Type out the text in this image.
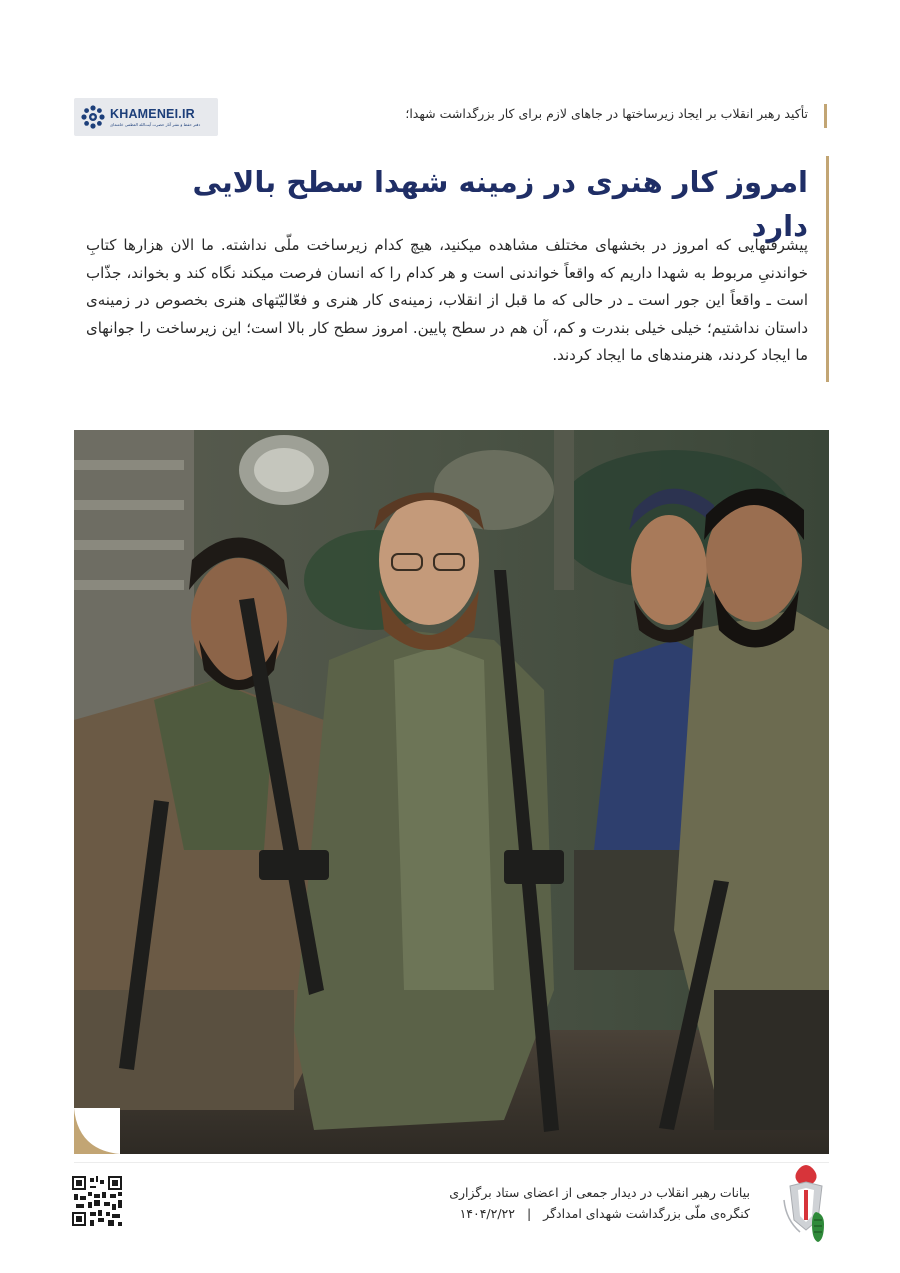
KHAMENEI.IR
دفتر حفظ و نشر آثار حضرت آیت‌الله العظمی خامنه‌ای
تأکید رهبر انقلاب بر ایجاد زیرساختها در جاهای لازم برای کار بزرگداشت شهدا؛
امروز کار هنری در زمینه شهدا سطح بالایی دارد

پیشرفتهایی که امروز در بخشهای مختلف مشاهده میکنید، هیچ کدام زیرساخت ملّی نداشته. ما الان هزارها کتابِ خواندنیِ مربوط به شهدا داریم که واقعاً خواندنی است و هر کدام را که انسان فرصت میکند نگاه کند و بخواند، جذّاب است ـ واقعاً این جور است ـ در حالی که ما قبل از انقلاب، زمینه‌ی کار هنری و فعّالیّتهای هنری بخصوص در زمینه‌ی داستان نداشتیم؛ خیلی خیلی بندرت و کم، آن هم در سطح پایین. امروز سطح کار بالا است؛ این زیرساخت را جوانهای ما ایجاد کردند، هنرمندهای ما ایجاد کردند.

بیانات رهبر انقلاب در دیدار جمعی از اعضای ستاد برگزاری
کنگره‌ی ملّی بزرگداشت شهدای امدادگر | ۱۴۰۴/۲/۲۲
